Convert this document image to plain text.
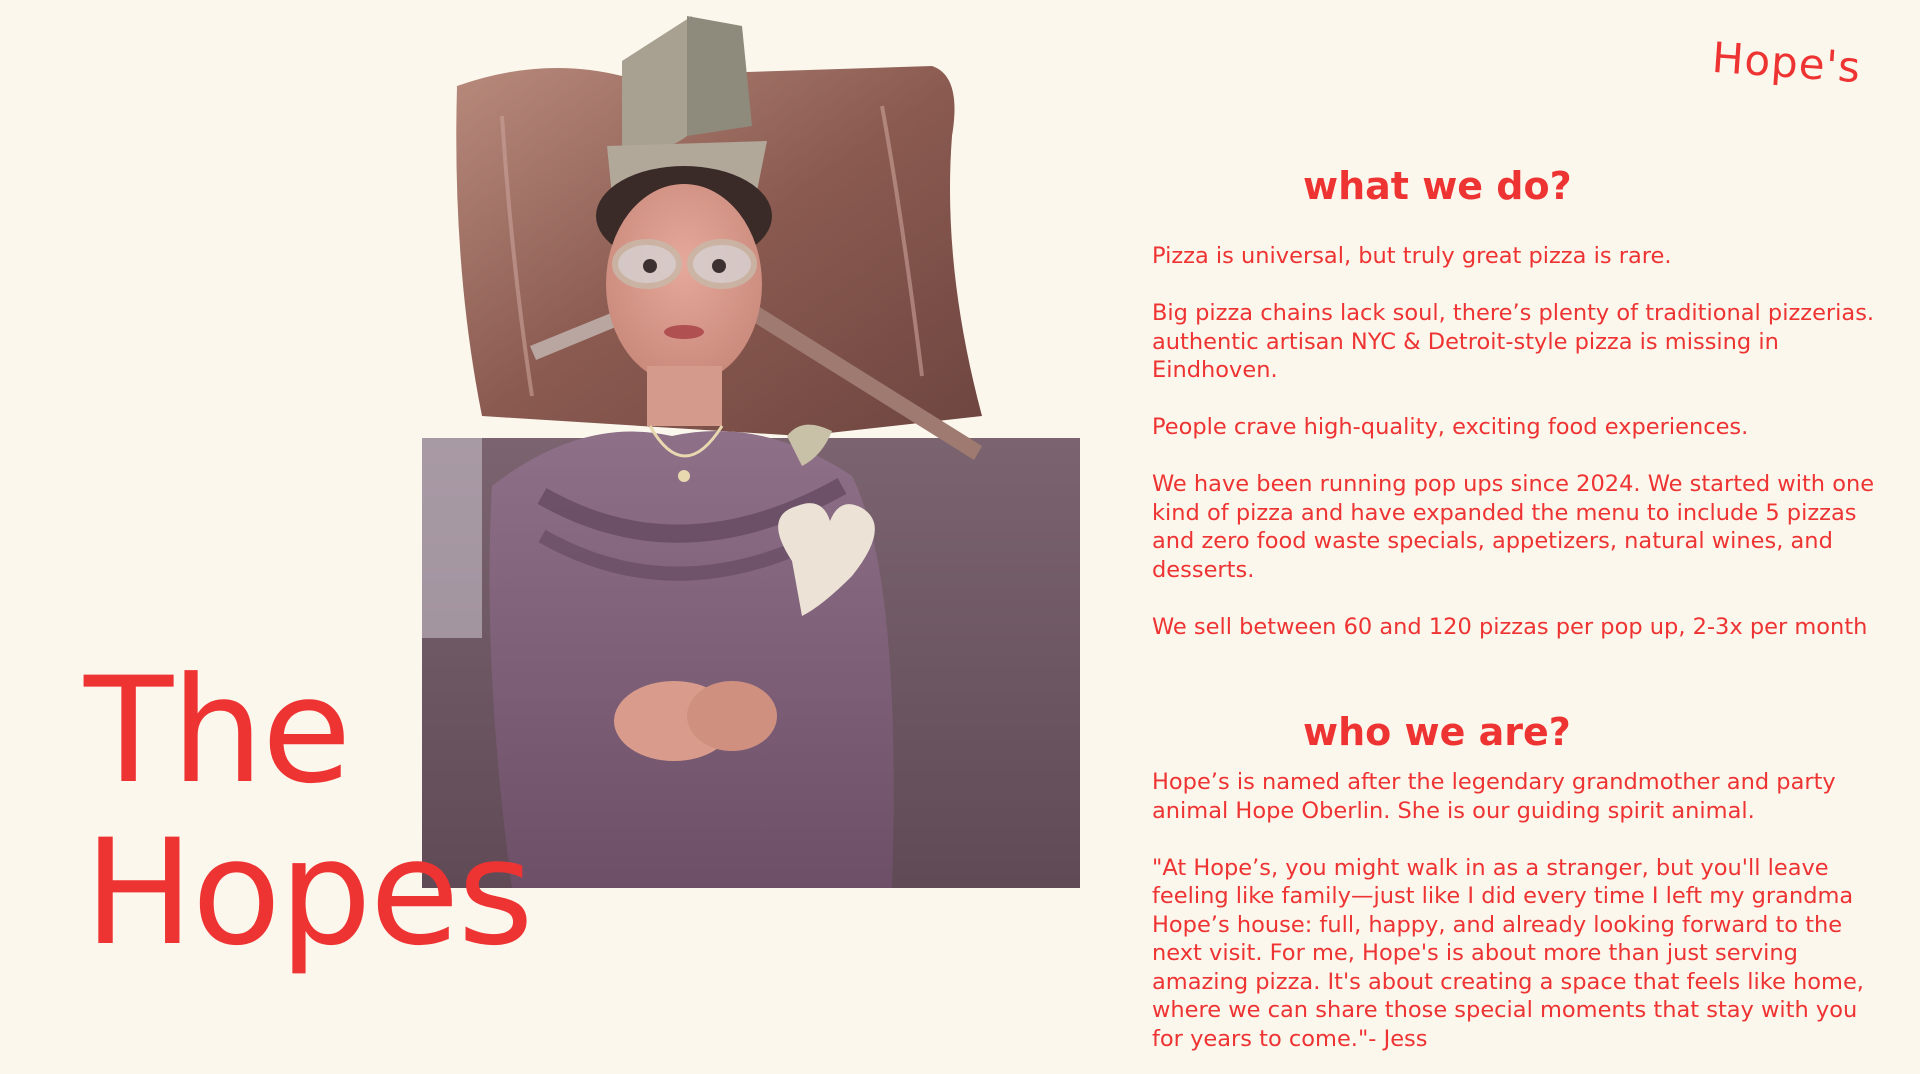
Hope's
The
Hopes
what we do?

Pizza is universal, but truly great pizza is rare.

Big pizza chains lack soul, there’s plenty of traditional pizzerias. authentic artisan NYC & Detroit-style pizza is missing in Eindhoven.

People crave high-quality, exciting food experiences.

We have been running pop ups since 2024. We started with one kind of pizza and have expanded the menu to include 5 pizzas and zero food waste specials, appetizers, natural wines, and desserts.

We sell between 60 and 120 pizzas per pop up, 2-3x per month

who we are?

Hope’s is named after the legendary grandmother and party animal Hope Oberlin. She is our guiding spirit animal.

"At Hope’s, you might walk in as a stranger, but you'll leave feeling like family—just like I did every time I left my grandma Hope’s house: full, happy, and already looking forward to the next visit. For me, Hope's is about more than just serving amazing pizza. It's about creating a space that feels like home, where we can share those special moments that stay with you for years to come."- Jess
